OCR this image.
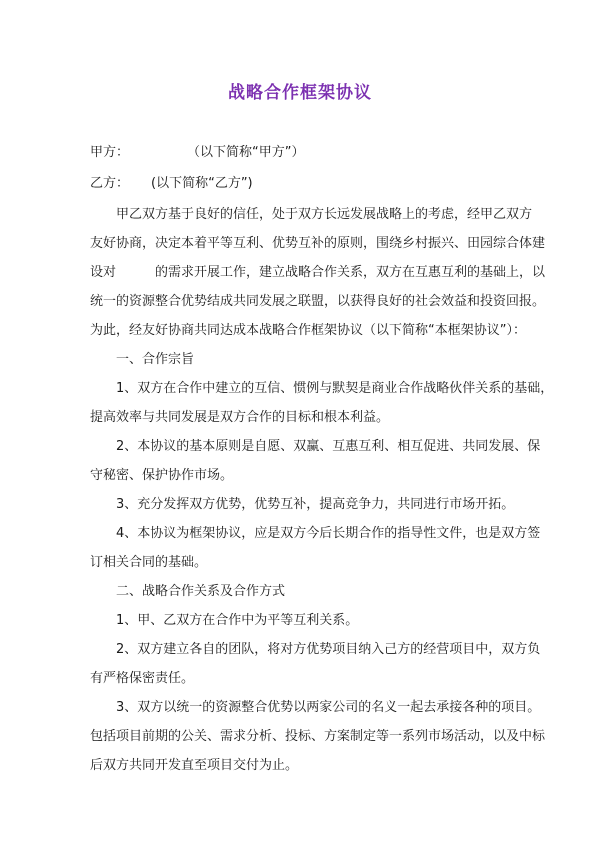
战略合作框架协议
甲方：	（以下简称“甲方”）
乙方： (以下简称“乙方”)
　　甲乙双方基于良好的信任，处于双方长远发展战略上的考虑，经甲乙双方
友好协商，决定本着平等互利、优势互补的原则，围绕乡村振兴、田园综合体建
设对　　　的需求开展工作，建立战略合作关系，双方在互惠互利的基础上，以
统一的资源整合优势结成共同发展之联盟，以获得良好的社会效益和投资回报。
为此，经友好协商共同达成本战略合作框架协议（以下简称“本框架协议”）：
　　一、合作宗旨
　　1、双方在合作中建立的互信、惯例与默契是商业合作战略伙伴关系的基础，
提高效率与共同发展是双方合作的目标和根本利益。
　　2、本协议的基本原则是自愿、双赢、互惠互利、相互促进、共同发展、保
守秘密、保护协作市场。
　　3、充分发挥双方优势，优势互补，提高竞争力，共同进行市场开拓。
　　4、本协议为框架协议，应是双方今后长期合作的指导性文件，也是双方签
订相关合同的基础。
　　二、战略合作关系及合作方式
　　1、甲、乙双方在合作中为平等互利关系。
　　2、双方建立各自的团队，将对方优势项目纳入己方的经营项目中，双方负
有严格保密责任。
　　3、双方以统一的资源整合优势以两家公司的名义一起去承接各种的项目。
包括项目前期的公关、需求分析、投标、方案制定等一系列市场活动，以及中标
后双方共同开发直至项目交付为止。
